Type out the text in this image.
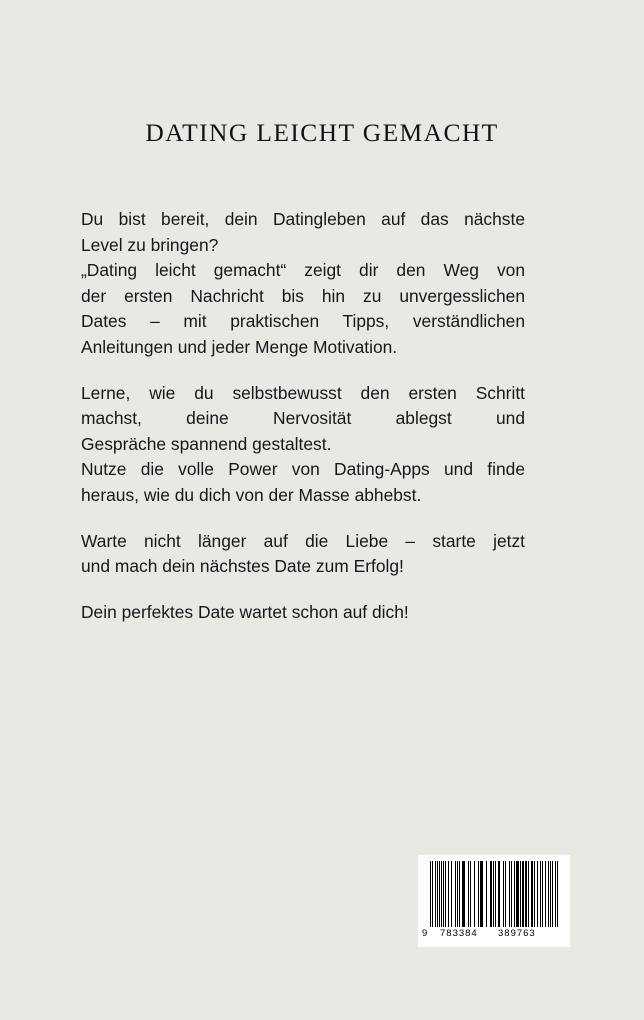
DATING LEICHT GEMACHT

Du bist bereit, dein Datingleben auf das nächste
Level zu bringen?
„Dating leicht gemacht“ zeigt dir den Weg von
der ersten Nachricht bis hin zu unvergesslichen
Dates – mit praktischen Tipps, verständlichen
Anleitungen und jeder Menge Motivation.

Lerne, wie du selbstbewusst den ersten Schritt
machst, deine Nervosität ablegst und
Gespräche spannend gestaltest.
Nutze die volle Power von Dating-Apps und finde
heraus, wie du dich von der Masse abhebst.

Warte nicht länger auf die Liebe – starte jetzt
und mach dein nächstes Date zum Erfolg!

Dein perfektes Date wartet schon auf dich!

9 783384 389763
